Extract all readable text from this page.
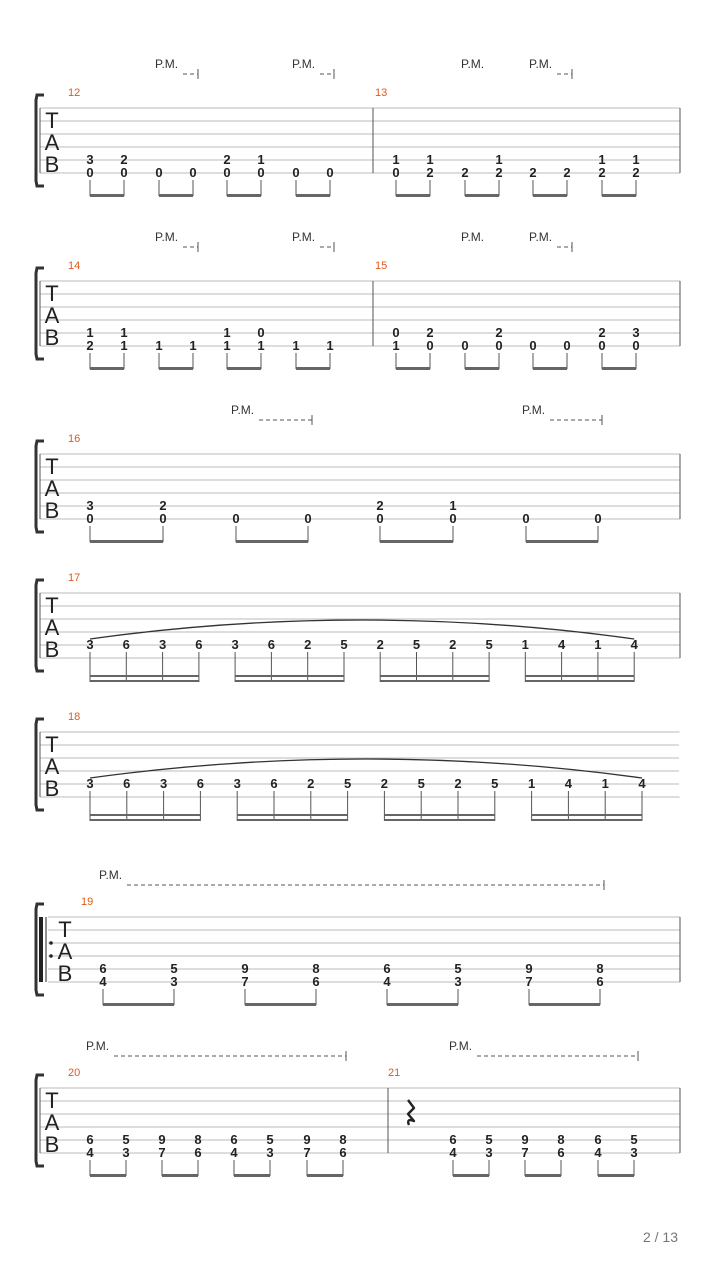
P.M.	P.M.	P.M.	P.M.
T
A
B
12	13
3
0
2
0 0 0
2
0
1
0 0 0
1
0
1
2 2
1
2 2 2
1
2
1
2
P.M.	P.M.	P.M.	P.M.
T
A
B
14	15
1
2
1
1 1 1
1
1
0
1 1 1
0
1
2
0 0
2
0 0 0
2
0
3
0
P.M.	P.M.
T
A
B
16
3
0
2
0	0	0
2
0
1
0	0	0
T
A
B
17
3 6 3 6 3 6 2 5 2 5 2 5 1 4 1 4
T
A
B
18
3 6 3 6 3 6 2 5 2 5 2 5 1 4 1 4
P.M.
T
A
B
19
6
4
5
3
9
7
8
6
6
4
5
3
9
7
8
6
P.M.	P.M.
T
A
B
20	21
6
4
5
3
9
7
8
6
6
4
5
3
9
7
8
6
6
4
5
3
9
7
8
6
6
4
5
3
2 / 13
